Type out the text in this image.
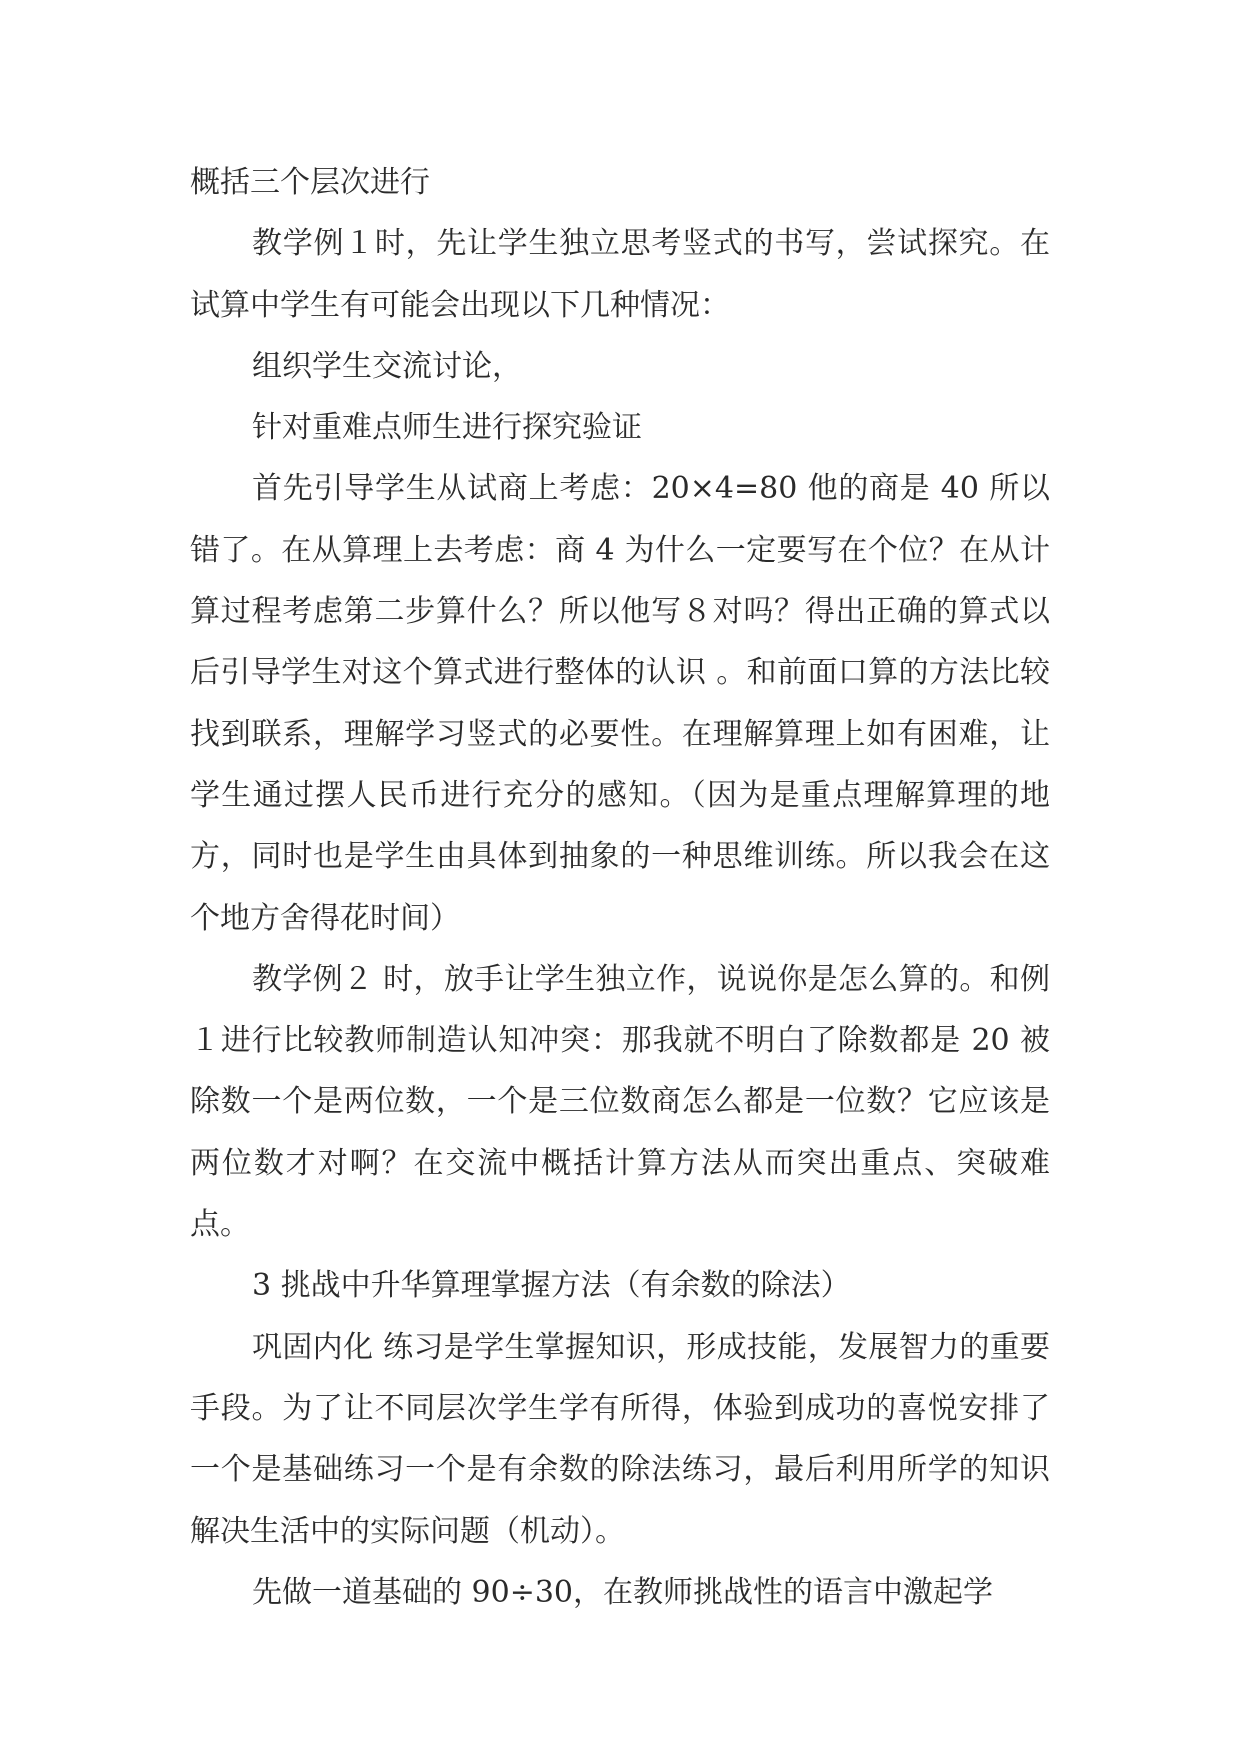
概括三个层次进行

教学例１时，先让学生独立思考竖式的书写，尝试探究。在试算中学生有可能会出现以下几种情况：

组织学生交流讨论，

针对重难点师生进行探究验证

首先引导学生从试商上考虑：20×4=80 他的商是 40 所以错了。在从算理上去考虑：商 4 为什么一定要写在个位？在从计算过程考虑第二步算什么？所以他写８对吗？得出正确的算式以后引导学生对这个算式进行整体的认识 。和前面口算的方法比较找到联系，理解学习竖式的必要性。在理解算理上如有困难，让学生通过摆人民币进行充分的感知。（因为是重点理解算理的地方，同时也是学生由具体到抽象的一种思维训练。所以我会在这个地方舍得花时间）

教学例２ 时，放手让学生独立作，说说你是怎么算的。和例１进行比较教师制造认知冲突：那我就不明白了除数都是 20 被除数一个是两位数，一个是三位数商怎么都是一位数？它应该是两位数才对啊？在交流中概括计算方法从而突出重点、突破难点。

3 挑战中升华算理掌握方法（有余数的除法）

巩固内化 练习是学生掌握知识，形成技能，发展智力的重要手段。为了让不同层次学生学有所得，体验到成功的喜悦安排了一个是基础练习一个是有余数的除法练习，最后利用所学的知识解决生活中的实际问题（机动）。

先做一道基础的 90÷30，在教师挑战性的语言中激起学
